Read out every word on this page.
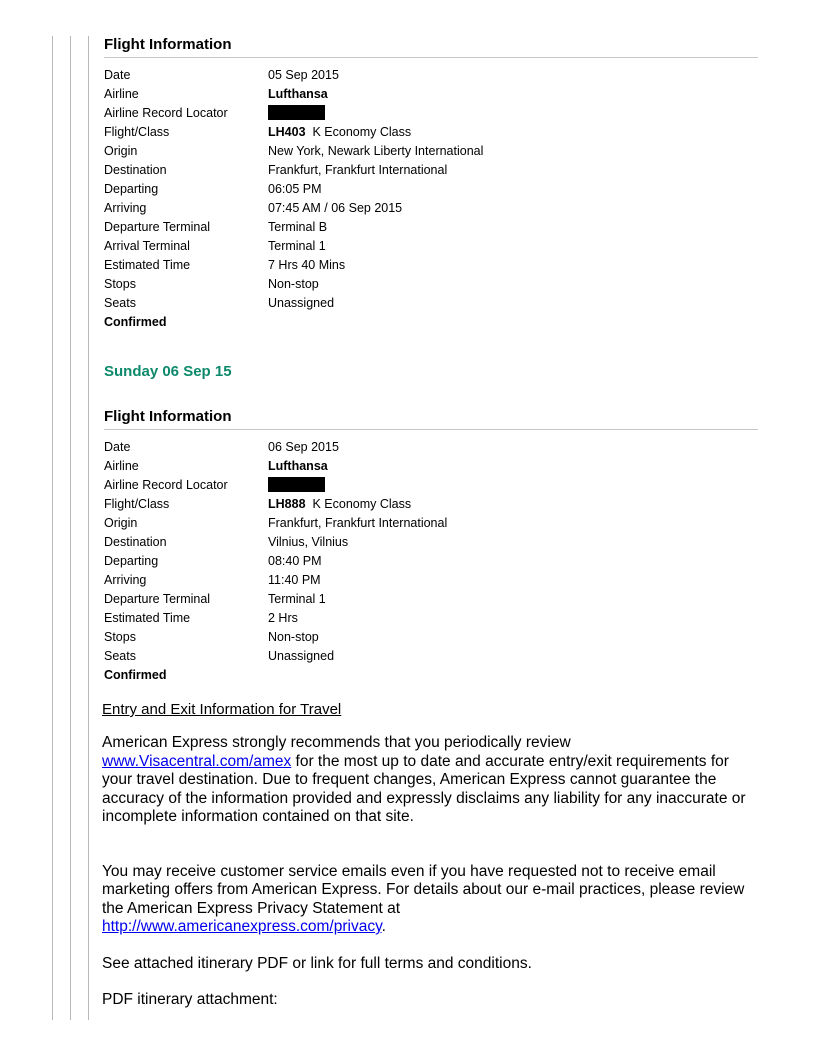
Flight Information
Date	05 Sep 2015
Airline	Lufthansa
Airline Record Locator
Flight/Class	LH403 K Economy Class
Origin	New York, Newark Liberty International
Destination	Frankfurt, Frankfurt International
Departing	06:05 PM
Arriving	07:45 AM / 06 Sep 2015
Departure Terminal	Terminal B
Arrival Terminal	Terminal 1
Estimated Time	7 Hrs 40 Mins
Stops	Non-stop
Seats	Unassigned
Confirmed
Sunday 06 Sep 15
Flight Information
Date	06 Sep 2015
Airline	Lufthansa
Airline Record Locator
Flight/Class	LH888 K Economy Class
Origin	Frankfurt, Frankfurt International
Destination	Vilnius, Vilnius
Departing	08:40 PM
Arriving	11:40 PM
Departure Terminal	Terminal 1
Estimated Time	2 Hrs
Stops	Non-stop
Seats	Unassigned
Confirmed
Entry and Exit Information for Travel

American Express strongly recommends that you periodically review
www.Visacentral.com/amex for the most up to date and accurate entry/exit requirements for your travel destination. Due to frequent changes, American Express cannot guarantee the accuracy of the information provided and expressly disclaims any liability for any inaccurate or incomplete information contained on that site.

You may receive customer service emails even if you have requested not to receive email marketing offers from American Express. For details about our e-mail practices, please review the American Express Privacy Statement at
http://www.americanexpress.com/privacy.

See attached itinerary PDF or link for full terms and conditions.

PDF itinerary attachment:
